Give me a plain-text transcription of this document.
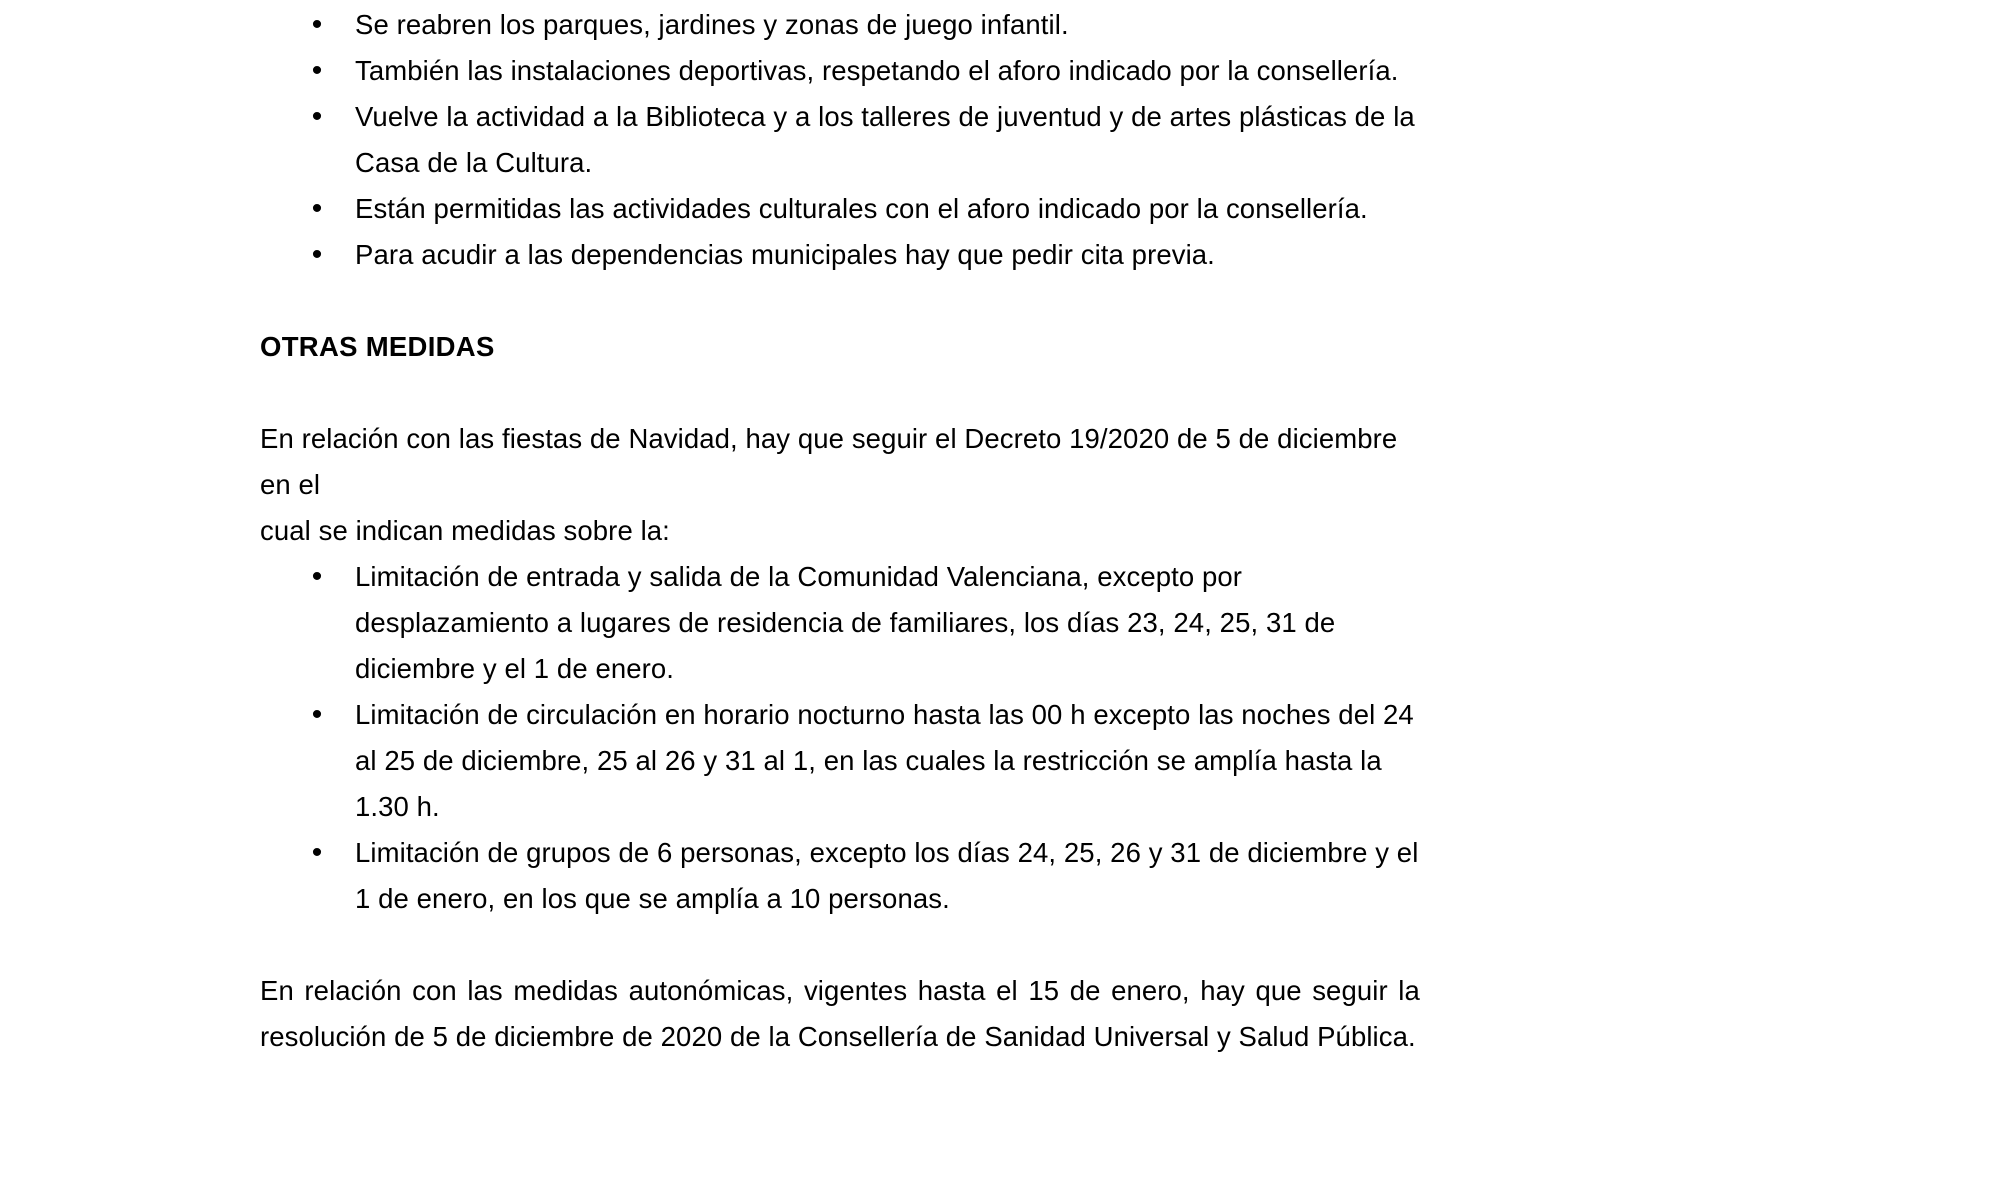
• Se reabren los parques, jardines y zonas de juego infantil.
• También las instalaciones deportivas, respetando el aforo indicado por la consellería.
• Vuelve la actividad a la Biblioteca y a los talleres de juventud y de artes plásticas de la Casa de la Cultura.
• Están permitidas las actividades culturales con el aforo indicado por la consellería.
• Para acudir a las dependencias municipales hay que pedir cita previa.
OTRAS MEDIDAS
En relación con las fiestas de Navidad, hay que seguir el Decreto 19/2020 de 5 de diciembre en el
cual se indican medidas sobre la:
• Limitación de entrada y salida de la Comunidad Valenciana, excepto por desplazamiento a lugares de residencia de familiares, los días 23, 24, 25, 31 de diciembre y el 1 de enero.
• Limitación de circulación en horario nocturno hasta las 00 h excepto las noches del 24 al 25 de diciembre, 25 al 26 y 31 al 1, en las cuales la restricción se amplía hasta la 1.30 h.
• Limitación de grupos de 6 personas, excepto los días 24, 25, 26 y 31 de diciembre y el 1 de enero, en los que se amplía a 10 personas.
En relación con las medidas autonómicas, vigentes hasta el 15 de enero, hay que seguir la
resolución de 5 de diciembre de 2020 de la Consellería de Sanidad Universal y Salud Pública.
